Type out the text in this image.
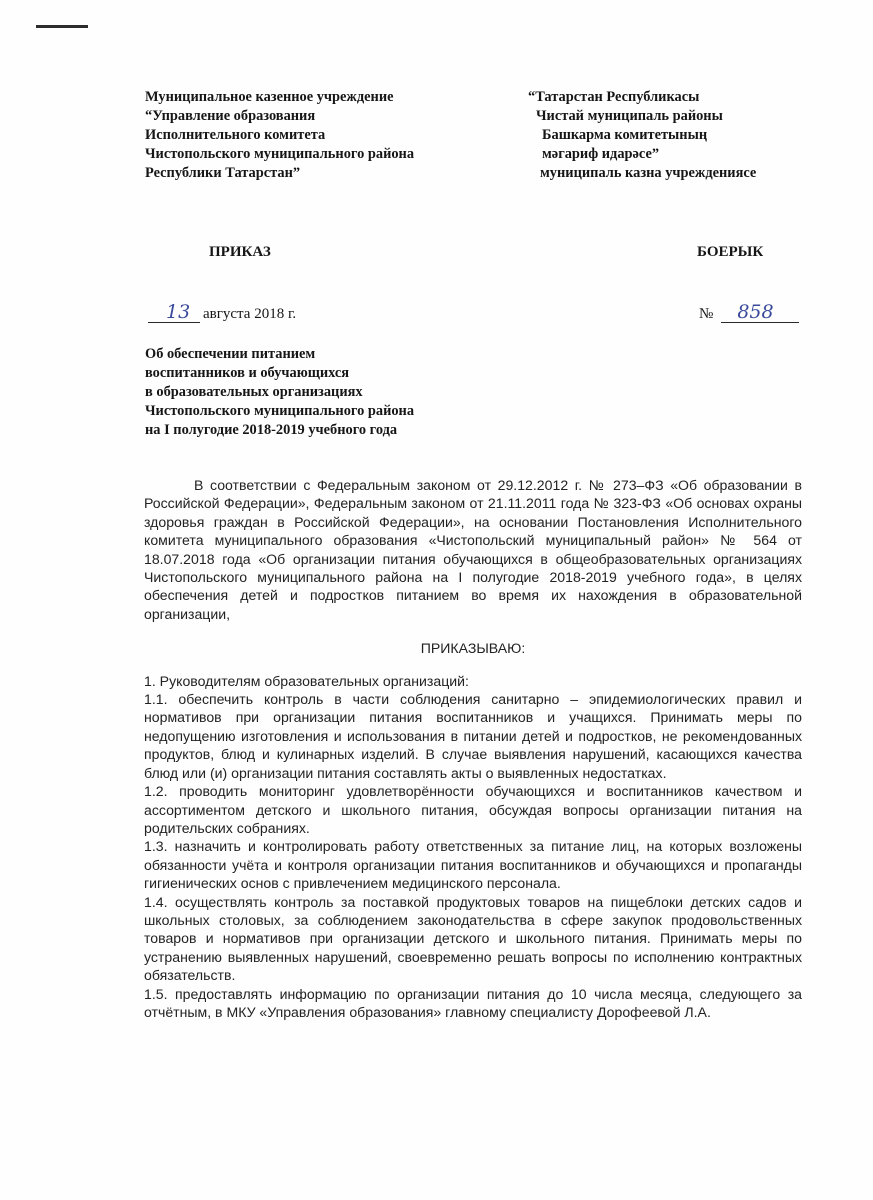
Муниципальное казенное учреждение
“Управление образования
Исполнительного комитета
Чистопольского муниципального района
Республики Татарстан”
“Татарстан Республикасы
Чистай муниципаль районы
Башкарма комитетының
мәгариф идарәсе”
муниципаль казна учреждениясе
ПРИКАЗ	БОЕРЫК
13 августа 2018 г.	№	858
Об обеспечении питанием
воспитанников и обучающихся
в образовательных организациях
Чистопольского муниципального района
на I полугодие 2018-2019 учебного года

В соответствии с Федеральным законом от 29.12.2012 г. № 273–ФЗ «Об образовании в Российской Федерации», Федеральным законом от 21.11.2011 года № 323-ФЗ «Об основах охраны здоровья граждан в Российской Федерации», на основании Постановления Исполнительного комитета муниципального образования «Чистопольский муниципальный район» № 564 от 18.07.2018 года «Об организации питания обучающихся в общеобразовательных организациях Чистопольского муниципального района на I полугодие 2018-2019 учебного года», в целях обеспечения детей и подростков питанием во время их нахождения в образовательной организации,

ПРИКАЗЫВАЮ:

1. Руководителям образовательных организаций:

1.1. обеспечить контроль в части соблюдения санитарно – эпидемиологических правил и нормативов при организации питания воспитанников и учащихся. Принимать меры по недопущению изготовления и использования в питании детей и подростков, не рекомендованных продуктов, блюд и кулинарных изделий. В случае выявления нарушений, касающихся качества блюд или (и) организации питания составлять акты о выявленных недостатках.

1.2. проводить мониторинг удовлетворённости обучающихся и воспитанников качеством и ассортиментом детского и школьного питания, обсуждая вопросы организации питания на родительских собраниях.

1.3. назначить и контролировать работу ответственных за питание лиц, на которых возложены обязанности учёта и контроля организации питания воспитанников и обучающихся и пропаганды гигиенических основ с привлечением медицинского персонала.

1.4. осуществлять контроль за поставкой продуктовых товаров на пищеблоки детских садов и школьных столовых, за соблюдением законодательства в сфере закупок продовольственных товаров и нормативов при организации детского и школьного питания. Принимать меры по устранению выявленных нарушений, своевременно решать вопросы по исполнению контрактных обязательств.

1.5. предоставлять информацию по организации питания до 10 числа месяца, следующего за отчётным, в МКУ «Управления образования» главному специалисту Дорофеевой Л.А.
